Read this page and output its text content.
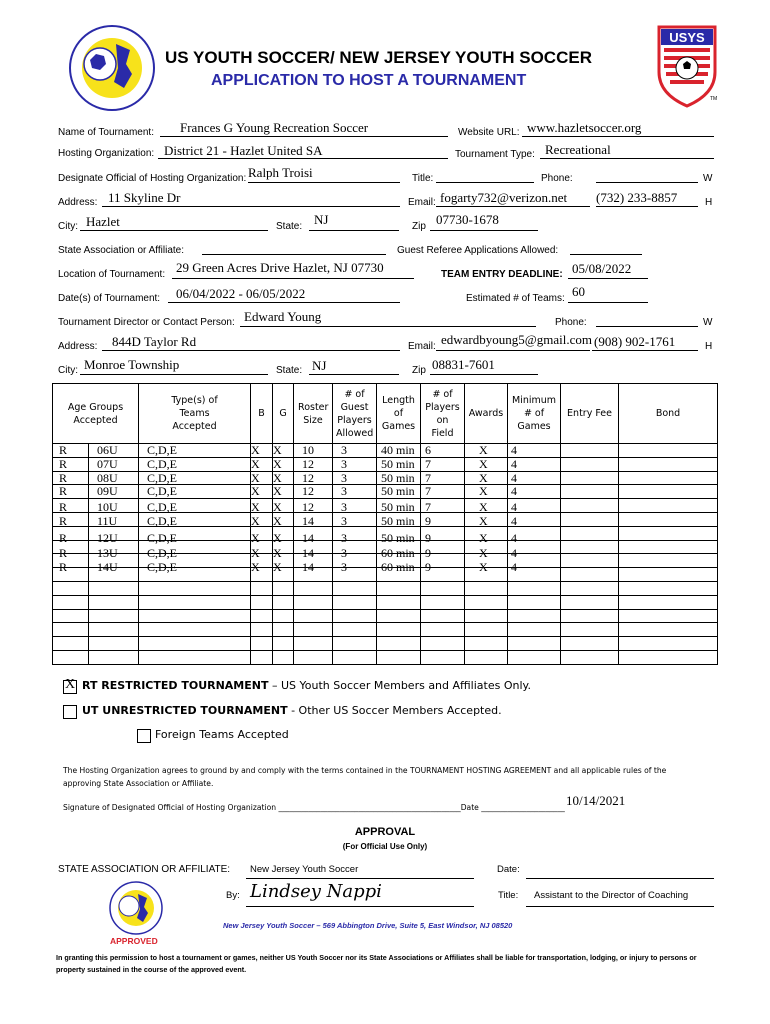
US YOUTH SOCCER/ NEW JERSEY YOUTH SOCCER
APPLICATION TO HOST A TOURNAMENT
USYS
TM
Name of Tournament: Frances G Young Recreation Soccer	Website URL: www.hazletsoccer.org
Hosting Organization: District 21 - Hazlet United SA	Tournament Type: Recreational
Designate Official of Hosting Organization: Ralph Troisi	Title:	Phone:	W
Address: 11 Skyline Dr	Email: fogarty732@verizon.net (732) 233-8857	H
City: Hazlet	State: NJ	Zip 07730-1678
State Association or Affiliate:	Guest Referee Applications Allowed:
Location of Tournament: 29 Green Acres Drive Hazlet, NJ 07730	TEAM ENTRY DEADLINE: 05/08/2022
Date(s) of Tournament: 06/04/2022 - 06/05/2022	Estimated # of Teams: 60
Tournament Director or Contact Person: Edward Young	Phone:	W
Address: 844D Taylor Rd	Email: edwardbyoung5@gmail.com (908) 902-1761	H
City: Monroe Township	State: NJ	Zip 08831-7601
Age Groups Accepted		Type(s) of Teams Accepted	B	G	Roster Size	# of Guest Players Allowed	Length of Games	# of Players on Field	Awards	Minimum # of Games	Entry Fee	Bond
R	06U	C,D,E	X	X	10	3	40 min	6	X	4		
R	07U	C,D,E	X	X	12	3	50 min	7	X	4		
R	08U	C,D,E	X	X	12	3	50 min	7	X	4		
R	09U	C,D,E	X	X	12	3	50 min	7	X	4		
R	10U	C,D,E	X	X	12	3	50 min	7	X	4		
R	11U	C,D,E	X	X	14	3	50 min	9	X	4		
R	12U	C,D,E	X	X	14	3	50 min	9	X	4		
R	13U	C,D,E	X	X	14	3	60 min	9	X	4		
R	14U	C,D,E	X	X	14	3	60 min	9	X	4		

X RT RESTRICTED TOURNAMENT – US Youth Soccer Members and Affiliates Only.
UT UNRESTRICTED TOURNAMENT - Other US Soccer Members Accepted.
Foreign Teams Accepted
The Hosting Organization agrees to ground by and comply with the terms contained in the TOURNAMENT HOSTING AGREEMENT and all applicable rules of the approving State Association or Affiliate.
Signature of Designated Official of Hosting Organization ________________________________________________Date ______________________ 10/14/2021
APPROVAL
(For Official Use Only)
STATE ASSOCIATION OR AFFILIATE: New Jersey Youth Soccer	Date:
APPROVED
By: Lindsey Nappi	Title: Assistant to the Director of Coaching
New Jersey Youth Soccer – 569 Abbington Drive, Suite 5, East Windsor, NJ 08520
In granting this permission to host a tournament or games, neither US Youth Soccer nor its State Associations or Affiliates shall be liable for transportation, lodging, or injury to persons or property sustained in the course of the approved event.
